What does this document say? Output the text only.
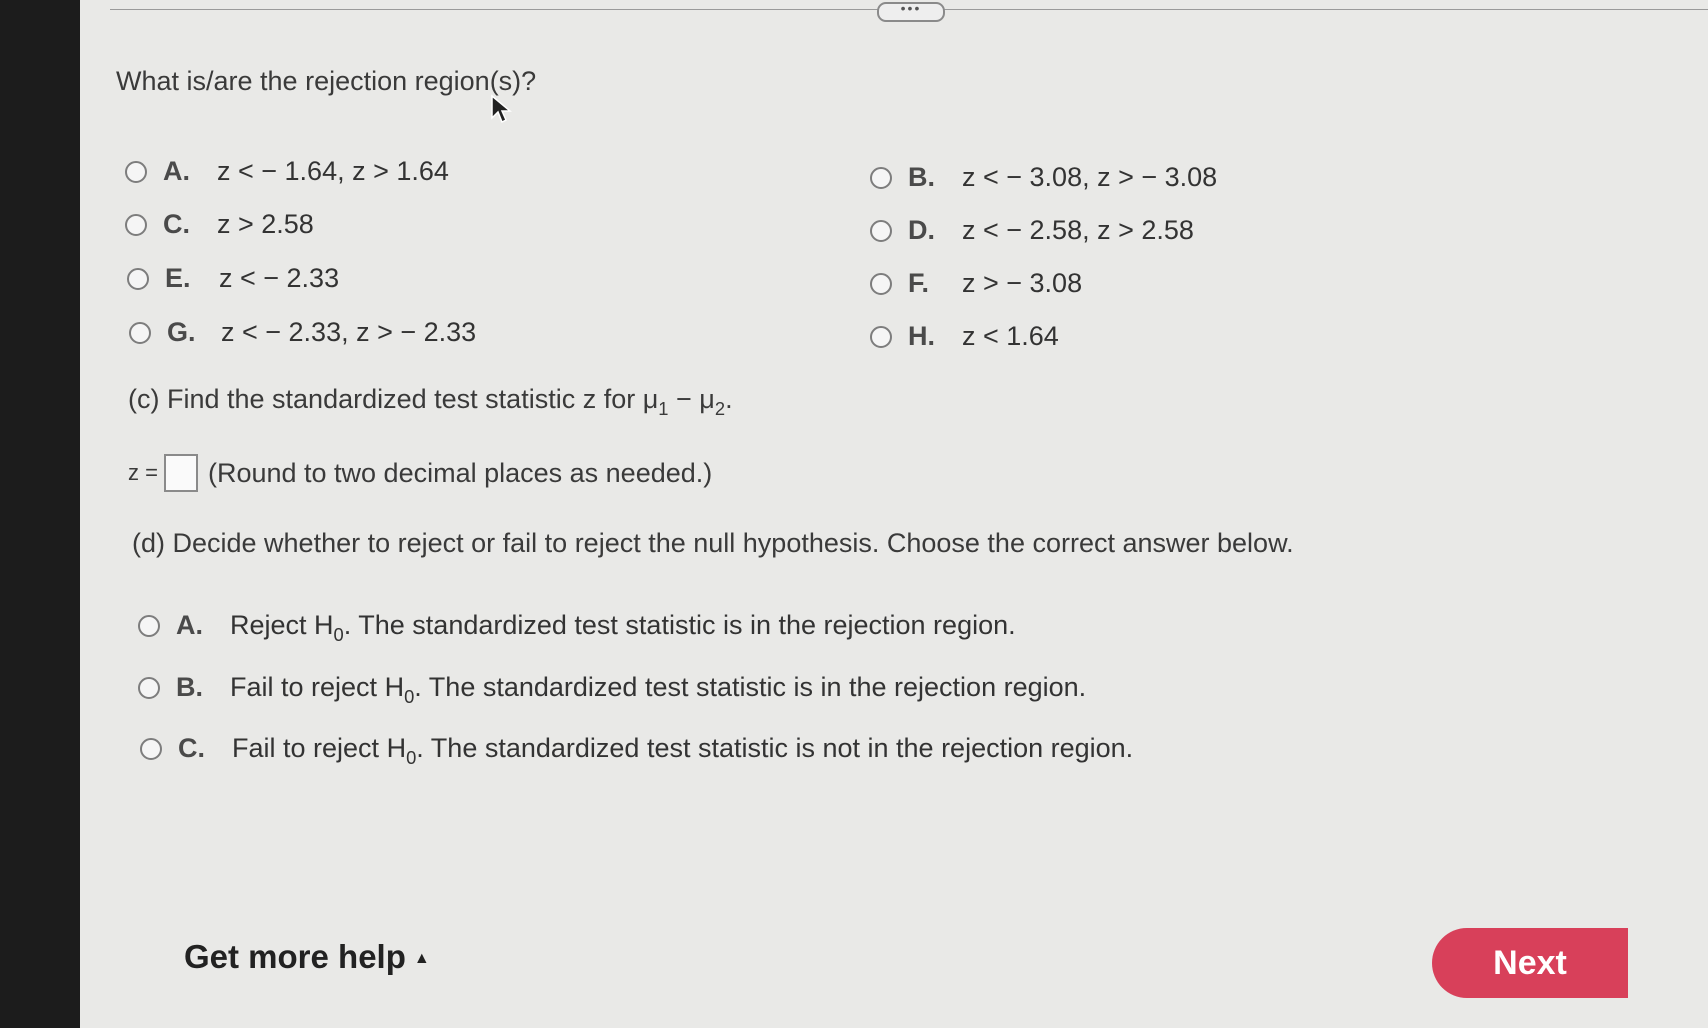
•••
What is/are the rejection region(s)?
A.	z < − 1.64, z > 1.64	B.	z < − 3.08, z > − 3.08
C.	z > 2.58	D.	z < − 2.58, z > 2.58
E.	z < − 2.33	F.	z > − 3.08
G. z < − 2.33, z > − 2.33	H.	z < 1.64
(c) Find the standardized test statistic z for $\mu_1 - \mu_2$.
z = (Round to two decimal places as needed.)
(d) Decide whether to reject or fail to reject the null hypothesis. Choose the correct answer below.
A.	Reject $H_0$. The standardized test statistic is in the rejection region.
B.	Fail to reject $H_0$. The standardized test statistic is in the rejection region.
C.	Fail to reject $H_0$. The standardized test statistic is not in the rejection region.
Get more help ▲	Next
